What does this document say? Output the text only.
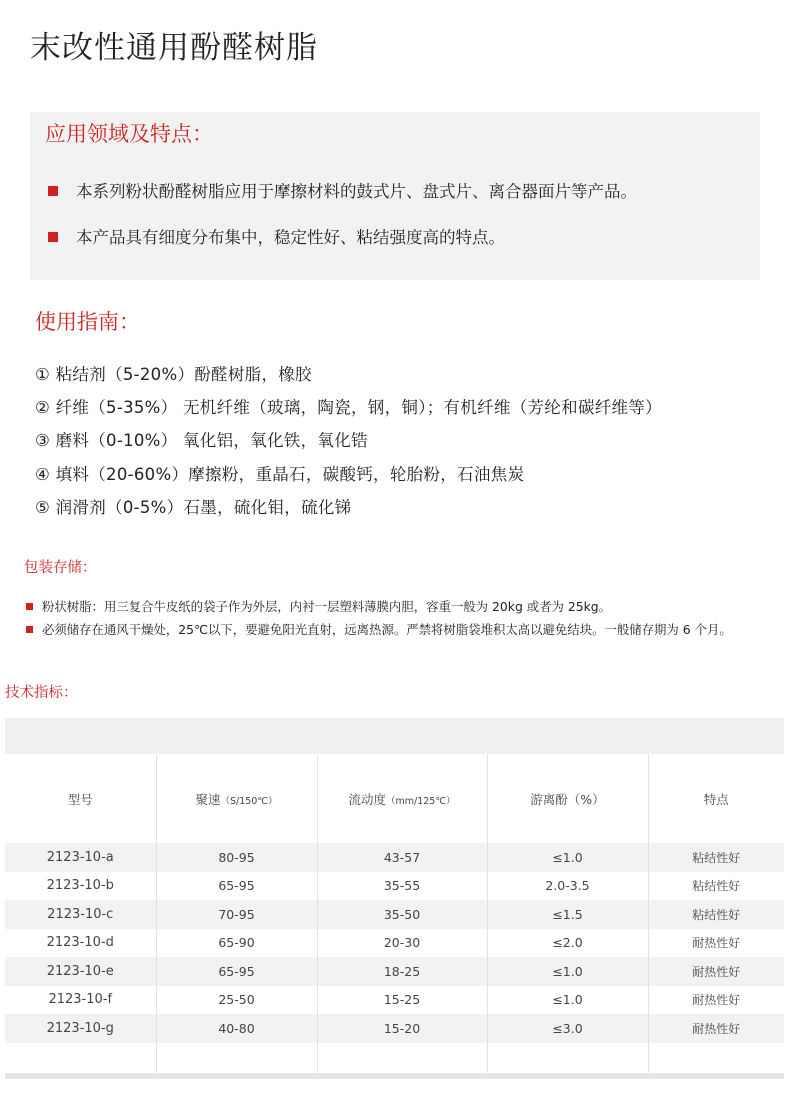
末改性通用酚醛树脂
应用领域及特点：
本系列粉状酚醛树脂应用于摩擦材料的鼓式片、盘式片、离合器面片等产品。
本产品具有细度分布集中，稳定性好、粘结强度高的特点。
使用指南：
① 粘结剂（5-20%）酚醛树脂，橡胶
② 纤维（5-35%） 无机纤维（玻璃，陶瓷，钢，铜）；有机纤维（芳纶和碳纤维等）
③ 磨料（0-10%） 氧化铝，氧化铁，氧化锆
④ 填料（20-60%）摩擦粉，重晶石，碳酸钙，轮胎粉，石油焦炭
⑤ 润滑剂（0-5%）石墨，硫化钼，硫化锑
包装存储：
粉状树脂：用三复合牛皮纸的袋子作为外层，内衬一层塑料薄膜内胆，容重一般为 20kg 或者为 25kg。
必须储存在通风干燥处，25℃以下，要避免阳光直射，远离热源。严禁将树脂袋堆积太高以避免结块。一般储存期为 6 个月。
技术指标：

型号	聚速（S/150℃）	流动度（mm/125℃）	游离酚（%）	特点
2123-10-a	80-95	43-57	≤1.0	粘结性好
2123-10-b	65-95	35-55	2.0-3.5	粘结性好
2123-10-c	70-95	35-50	≤1.5	粘结性好
2123-10-d	65-90	20-30	≤2.0	耐热性好
2123-10-e	65-95	18-25	≤1.0	耐热性好
2123-10-f	25-50	15-25	≤1.0	耐热性好
2123-10-g	40-80	15-20	≤3.0	耐热性好
